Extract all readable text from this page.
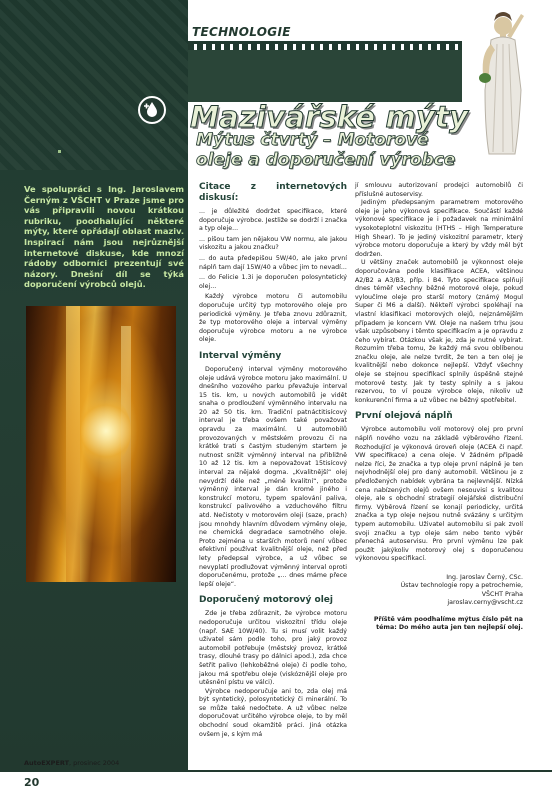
Ve spolupráci s Ing. Jaroslavem Černým z VŠCHT v Praze jsme pro vás připravili novou krátkou rubriku, poodhalující některé mýty, které opřádají oblast maziv. Inspirací nám jsou nejrůznější internetové diskuse, kde mnozí rádoby odborníci prezentují své názory. Dnešní díl se týká doporučení výrobců olejů.
TECHNOLOGIE
Mazivářské mýty
Mýtus čtvrtý – Motorové
oleje a doporučení výrobce
Citace z internetových diskusí:

... je důležité dodržet specifikace, které doporučuje výrobce. Jestliže se dodrží i značka a typ oleje...

... píšou tam jen nějakou VW normu, ale jakou viskozitu a jakou značku?

... do auta předepišou 5W/40, ale jako první náplň tam dají 15W/40 a vůbec jim to nevadí...

... do Felicie 1.3i je doporučen polosyntetický olej...

Každý výrobce motoru či automobilu doporučuje určitý typ motorového oleje pro periodické výměny. Je třeba znovu zdůraznit, že typ motorového oleje a interval výměny doporučuje výrobce motoru a ne výrobce oleje.

Interval výměny

Doporučený interval výměny motorového oleje udává výrobce motoru jako maximální. U dnešního vozového parku převažuje interval 15 tis. km, u nových automobilů je vidět snaha o prodloužení výměnného intervalu na 20 až 50 tis. km. Tradiční patnáctitisícový interval je třeba ovšem také považovat opravdu za maximální. U automobilů provozovaných v městském provozu či na krátké trati s častým studeným startem je nutnost snížit výměnný interval na přibližně 10 až 12 tis. km a nepovažovat 15tisícový interval za nějaké dogma. „Kvalitnější“ olej nevydrží déle než „méně kvalitní“, protože výměnný interval je dán kromě jiného i konstrukcí motoru, typem spalování paliva, konstrukcí palivového a vzduchového filtru atd. Nečistoty v motorovém oleji (saze, prach) jsou mnohdy hlavním důvodem výměny oleje, ne chemická degradace samotného oleje. Proto zejména u starších motorů není vůbec efektivní používat kvalitnější oleje, než před lety předepsal výrobce, a už vůbec se nevyplatí prodlužovat výměnný interval oproti doporučenému, protože „... dnes máme přece lepší oleje“.

Doporučený motorový olej

Zde je třeba zdůraznit, že výrobce motoru nedoporučuje určitou viskozitní třídu oleje (např. SAE 10W/40). Tu si musí volit každý uživatel sám podle toho, pro jaký provoz automobil potřebuje (městský provoz, krátké trasy, dlouhé trasy po dálnici apod.), zda chce šetřit palivo (lehkoběžné oleje) či podle toho, jakou má spotřebu oleje (viskóznější oleje pro utěsnění pístu ve válci).

Výrobce nedoporučuje ani to, zda olej má být syntetický, polosyntetický či minerální. To se může také nedočtete. A už vůbec nelze doporučovat určitého výrobce oleje, to by měl obchodní soud okamžitě práci. Jiná otázka ovšem je, s kým má

jí smlouvu autorizovaní prodejci automobilů či příslušné autoservisy.

Jediným předepsaným parametrem motorového oleje je jeho výkonová specifikace. Součástí každé výkonové specifikace je i požadavek na minimální vysokoteplotní viskozitu (HTHS – High Temperature High Shear). To je jediný viskozitní parametr, který výrobce motoru doporučuje a který by vždy měl být dodržen.

U většiny značek automobilů je výkonnost oleje doporučována podle klasifikace ACEA, většinou A2/B2 a A3/B3, příp. i B4. Tyto specifikace splňují dnes téměř všechny běžné motorové oleje, pokud vyloučíme oleje pro starší motory (známý Mogul Super či M6 a další). Někteří výrobci spoléhají na vlastní klasifikaci motorových olejů, nejznámějším případem je koncern VW. Oleje na našem trhu jsou však uzpůsobeny i těmto specifikacím a je opravdu z čeho vybírat. Otázkou však je, zda je nutné vybírat. Rozumím třeba tomu, že každý má svou oblíbenou značku oleje, ale nelze tvrdit, že ten a ten olej je kvalitnější nebo dokonce nejlepší. Vždyť všechny oleje se stejnou specifikací splnily úspěšně stejné motorové testy. Jak ty testy splnily a s jakou rezervou, to ví pouze výrobce oleje, nikoliv už konkurenční firma a už vůbec ne běžný spotřebitel.

První olejová náplň

Výrobce automobilu volí motorový olej pro první náplň nového vozu na základě výběrového řízení. Rozhodující je výkonová úroveň oleje (ACEA či např. VW specifikace) a cena oleje. V žádném případě nelze říci, že značka a typ oleje první náplně je ten nejvhodnější olej pro daný automobil. Většinou je z předložených nabídek vybrána ta nejlevnější. Nízká cena nabízených olejů ovšem nesouvisí s kvalitou oleje, ale s obchodní strategií olejářské distribuční firmy. Výběrová řízení se konají periodicky, určitá značka a typ oleje nejsou nutně svázány s určitým typem automobilu. Uživatel automobilu si pak zvolí svoji značku a typ oleje sám nebo tento výběr přenechá autoservisu. Pro první výměnu lze pak použít jakýkoliv motorový olej s doporučenou výkonovou specifikací.

Ing. Jaroslav Černý, CSc.
Ústav technologie ropy a petrochemie,
VŠCHT Praha
jaroslav.cerny@vscht.cz
Příště vám poodhalíme mýtus číslo pět na
téma: Do mého auta jen ten nejlepší olej.
AutoEXPERT, prosinec 2004
20
